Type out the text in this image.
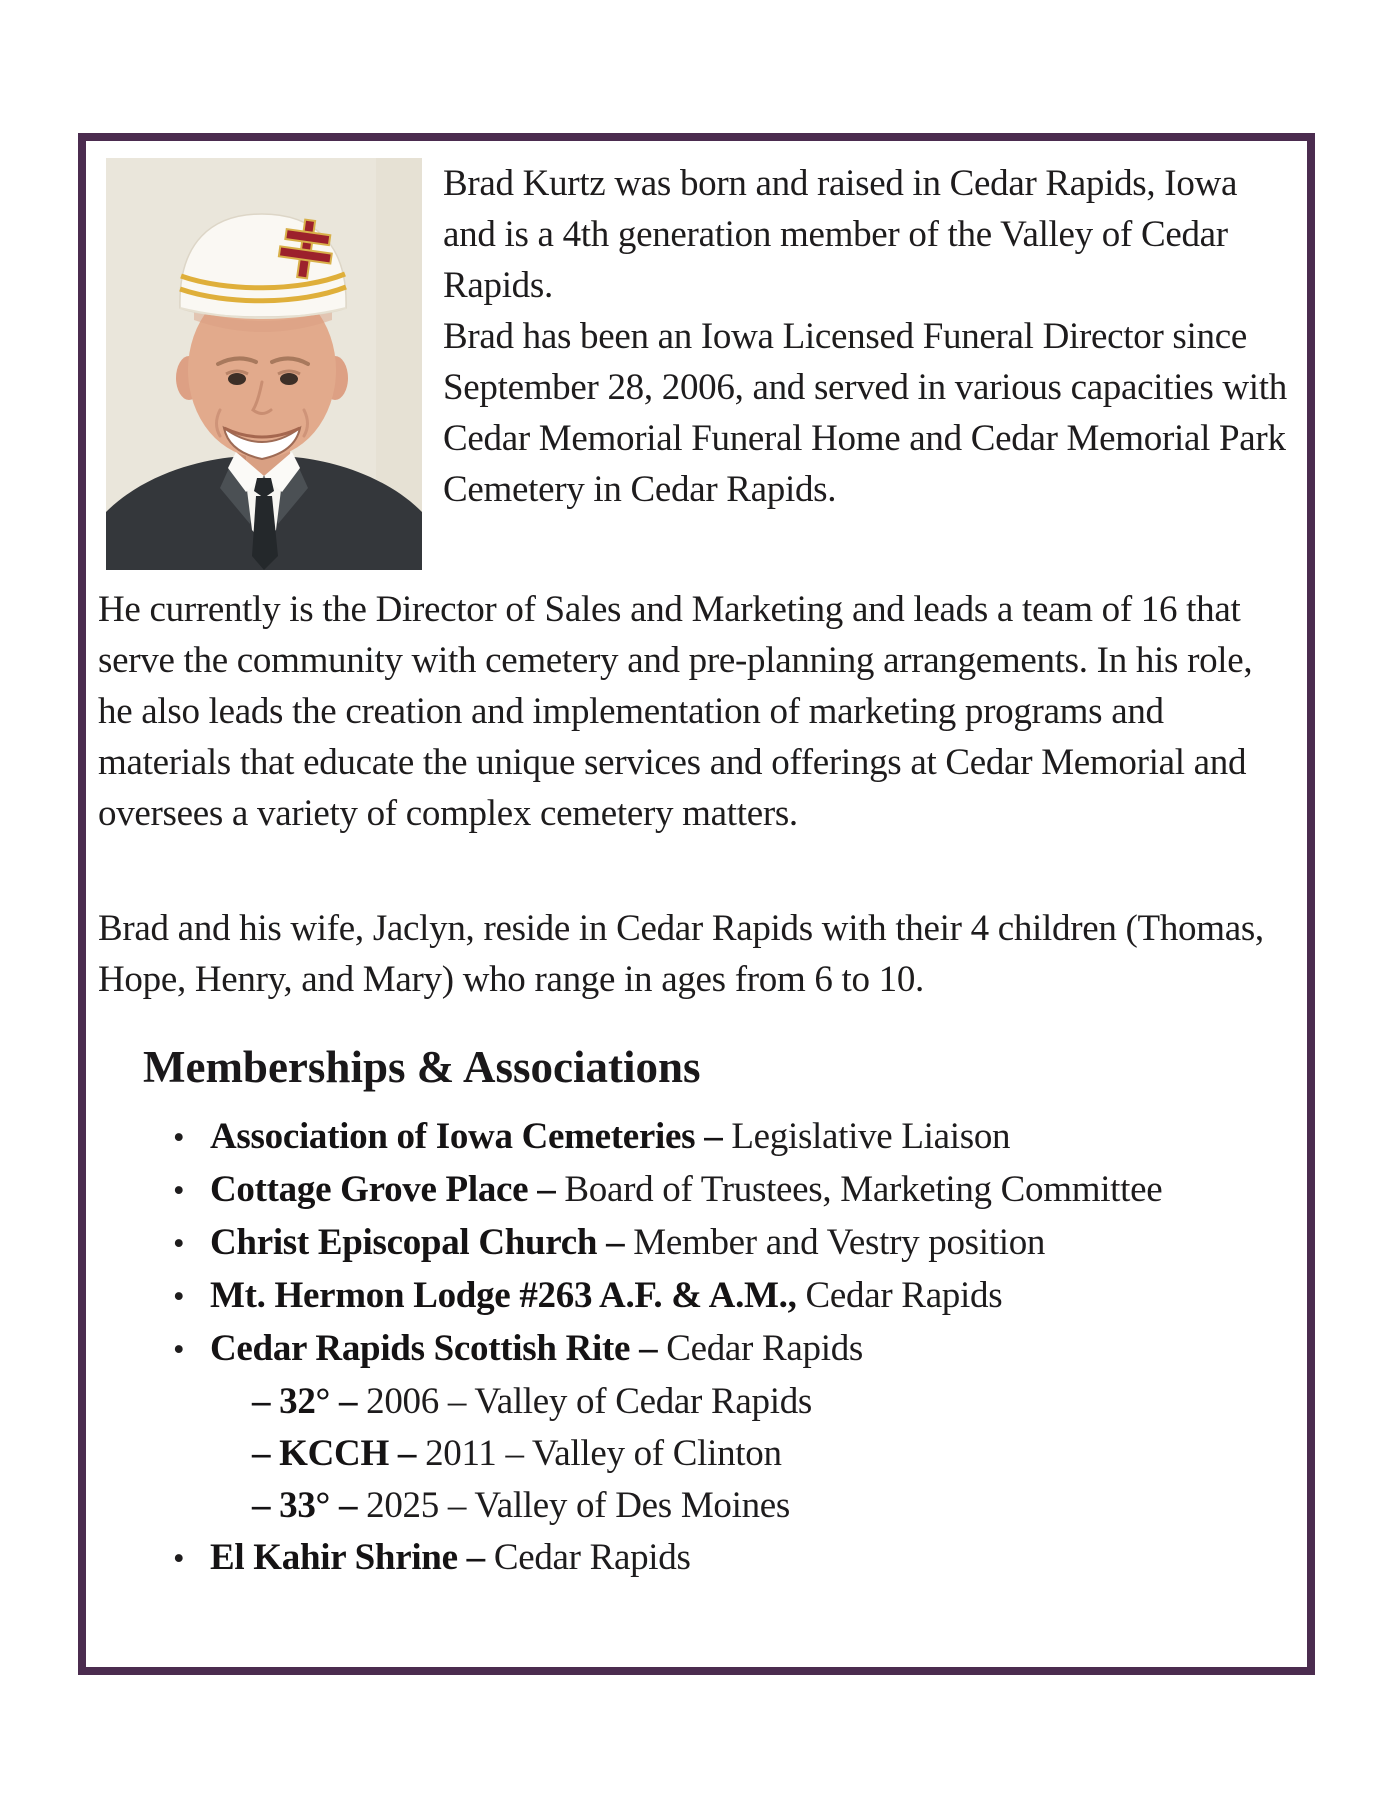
Brad Kurtz was born and raised in Cedar Rapids, Iowa and is a 4th generation member of the Valley of Cedar Rapids.

Brad has been an Iowa Licensed Funeral Director since September 28, 2006, and served in various capacities with Cedar Memorial Funeral Home and Cedar Memorial Park Cemetery in Cedar Rapids.

He currently is the Director of Sales and Marketing and leads a team of 16 that serve the community with cemetery and pre-planning arrangements. In his role, he also leads the creation and implementation of marketing programs and materials that educate the unique services and offerings at Cedar Memorial and oversees a variety of complex cemetery matters.

Brad and his wife, Jaclyn, reside in Cedar Rapids with their 4 children (Thomas, Hope, Henry, and Mary) who range in ages from 6 to 10.

Memberships & Associations
• Association of Iowa Cemeteries – Legislative Liaison
• Cottage Grove Place – Board of Trustees, Marketing Committee
• Christ Episcopal Church – Member and Vestry position
• Mt. Hermon Lodge #263 A.F. & A.M., Cedar Rapids
• Cedar Rapids Scottish Rite – Cedar Rapids
– 32° – 2006 – Valley of Cedar Rapids
– KCCH – 2011 – Valley of Clinton
– 33° – 2025 – Valley of Des Moines
• El Kahir Shrine – Cedar Rapids
